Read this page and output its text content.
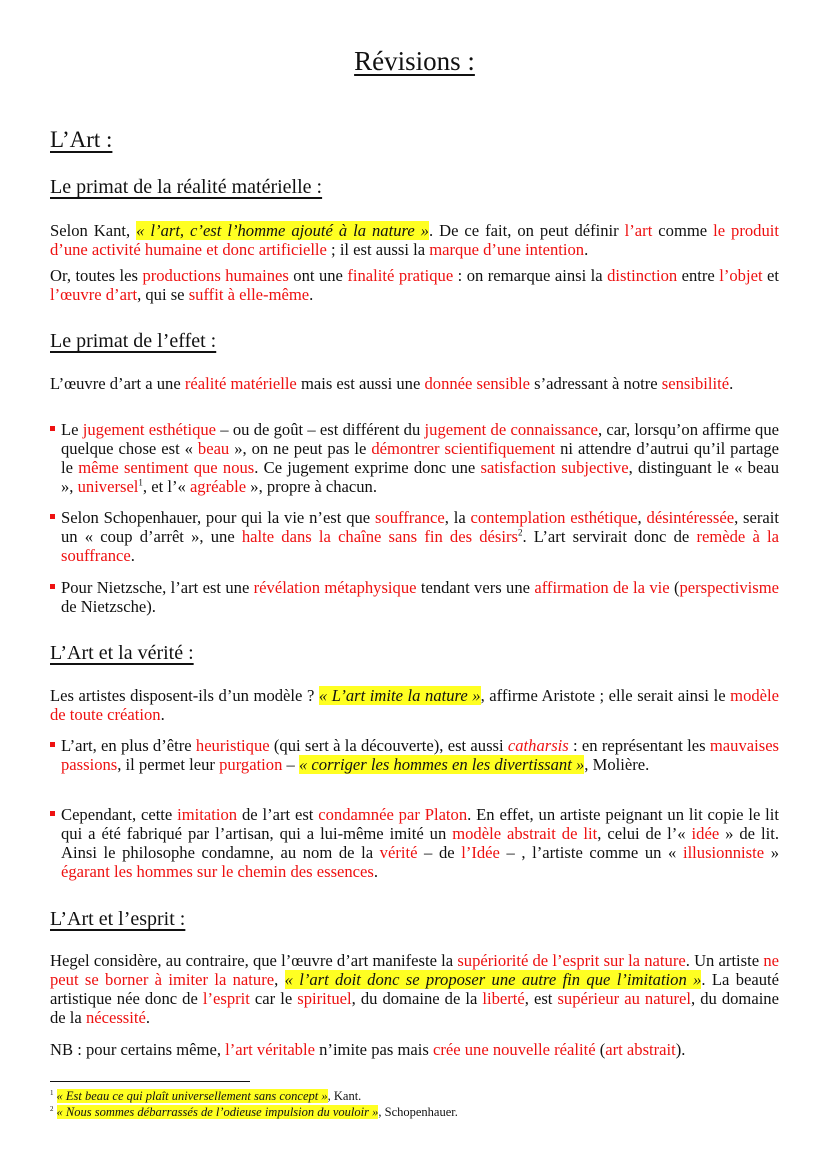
Révisions :
L’Art :
Le primat de la réalité matérielle :
Selon Kant, « l’art, c’est l’homme ajouté à la nature ». De ce fait, on peut définir l’art comme le produit d’une activité humaine et donc artificielle ; il est aussi la marque d’une intention.
Or, toutes les productions humaines ont une finalité pratique : on remarque ainsi la distinction entre l’objet et l’œuvre d’art, qui se suffit à elle-même.
Le primat de l’effet :
L’œuvre d’art a une réalité matérielle mais est aussi une donnée sensible s’adressant à notre sensibilité.
Le jugement esthétique – ou de goût – est différent du jugement de connaissance, car, lorsqu’on affirme que quelque chose est « beau », on ne peut pas le démontrer scientifiquement ni attendre d’autrui qu’il partage le même sentiment que nous. Ce jugement exprime donc une satisfaction subjective, distinguant le « beau », universel$^1$, et l’« agréable », propre à chacun.
Selon Schopenhauer, pour qui la vie n’est que souffrance, la contemplation esthétique, désintéressée, serait un « coup d’arrêt », une halte dans la chaîne sans fin des désirs$^2$. L’art servirait donc de remède à la souffrance.
Pour Nietzsche, l’art est une révélation métaphysique tendant vers une affirmation de la vie (perspectivisme de Nietzsche).
L’Art et la vérité :
Les artistes disposent-ils d’un modèle ? « L’art imite la nature », affirme Aristote ; elle serait ainsi le modèle de toute création.
L’art, en plus d’être heuristique (qui sert à la découverte), est aussi catharsis : en représentant les mauvaises passions, il permet leur purgation – « corriger les hommes en les divertissant », Molière.
Cependant, cette imitation de l’art est condamnée par Platon. En effet, un artiste peignant un lit copie le lit qui a été fabriqué par l’artisan, qui a lui-même imité un modèle abstrait de lit, celui de l’« idée » de lit. Ainsi le philosophe condamne, au nom de la vérité – de l’Idée – , l’artiste comme un « illusionniste » égarant les hommes sur le chemin des essences.
L’Art et l’esprit :
Hegel considère, au contraire, que l’œuvre d’art manifeste la supériorité de l’esprit sur la nature. Un artiste ne peut se borner à imiter la nature, « l’art doit donc se proposer une autre fin que l’imitation ». La beauté artistique née donc de l’esprit car le spirituel, du domaine de la liberté, est supérieur au naturel, du domaine de la nécessité.
NB : pour certains même, l’art véritable n’imite pas mais crée une nouvelle réalité (art abstrait).
$^1$ « Est beau ce qui plaît universellement sans concept », Kant.
$^2$ « Nous sommes débarrassés de l’odieuse impulsion du vouloir », Schopenhauer.
